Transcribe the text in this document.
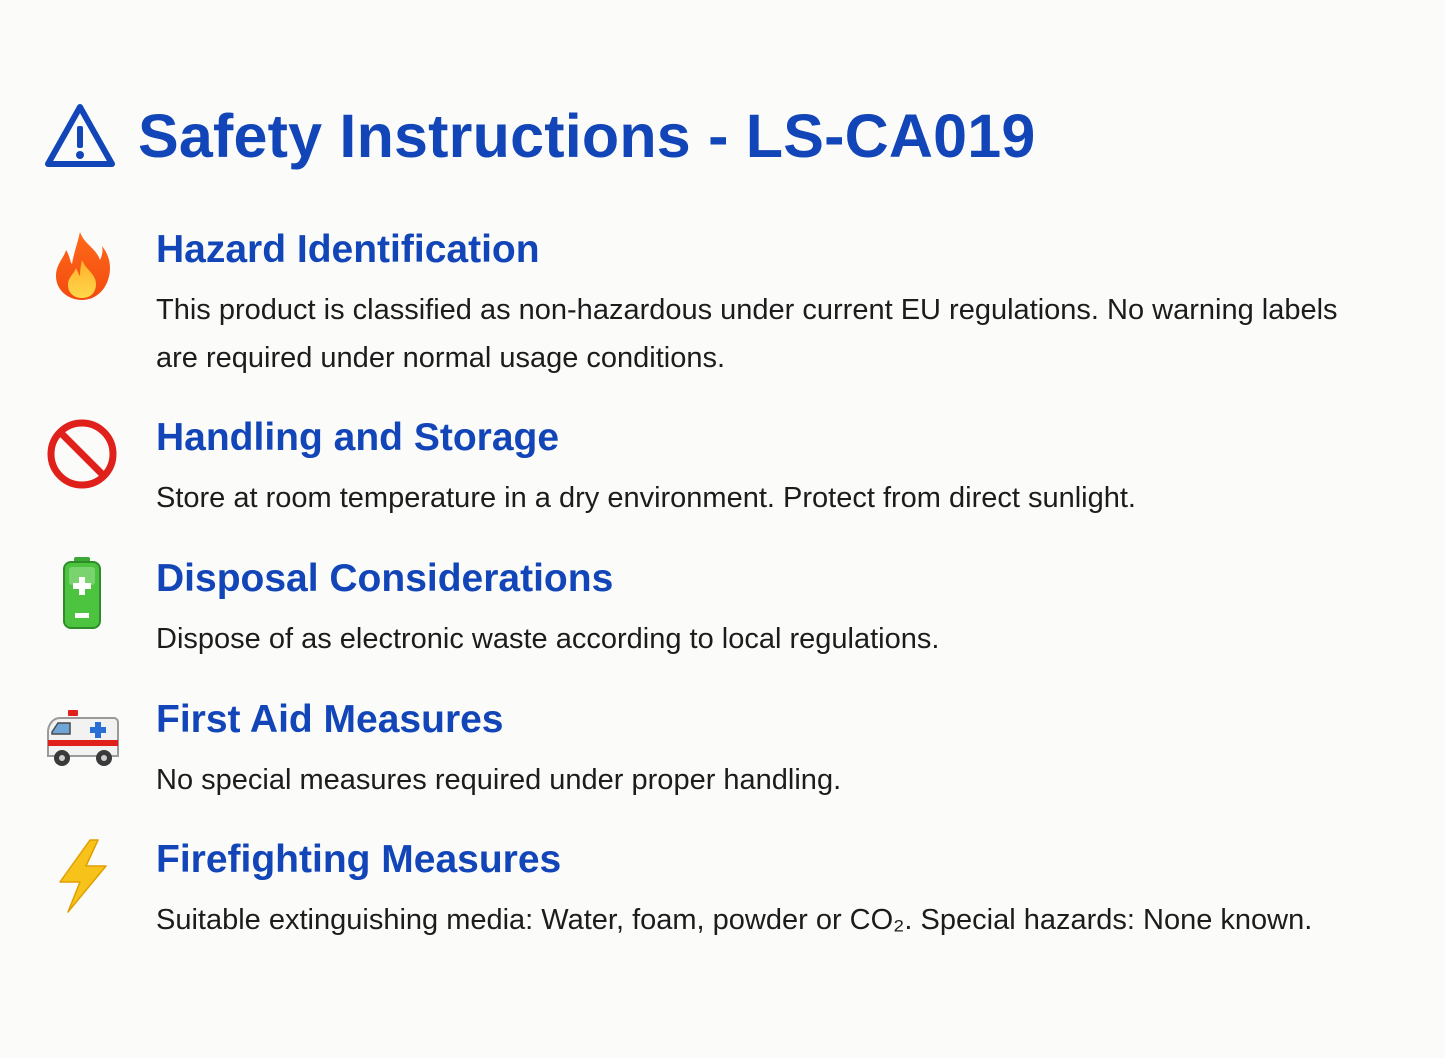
Safety Instructions - LS-CA019
Hazard Identification

This product is classified as non-hazardous under current EU regulations. No warning labels are required under normal usage conditions.

Handling and Storage

Store at room temperature in a dry environment. Protect from direct sunlight.

Disposal Considerations

Dispose of as electronic waste according to local regulations.

First Aid Measures

No special measures required under proper handling.

Firefighting Measures

Suitable extinguishing media: Water, foam, powder or CO₂. Special hazards: None known.
